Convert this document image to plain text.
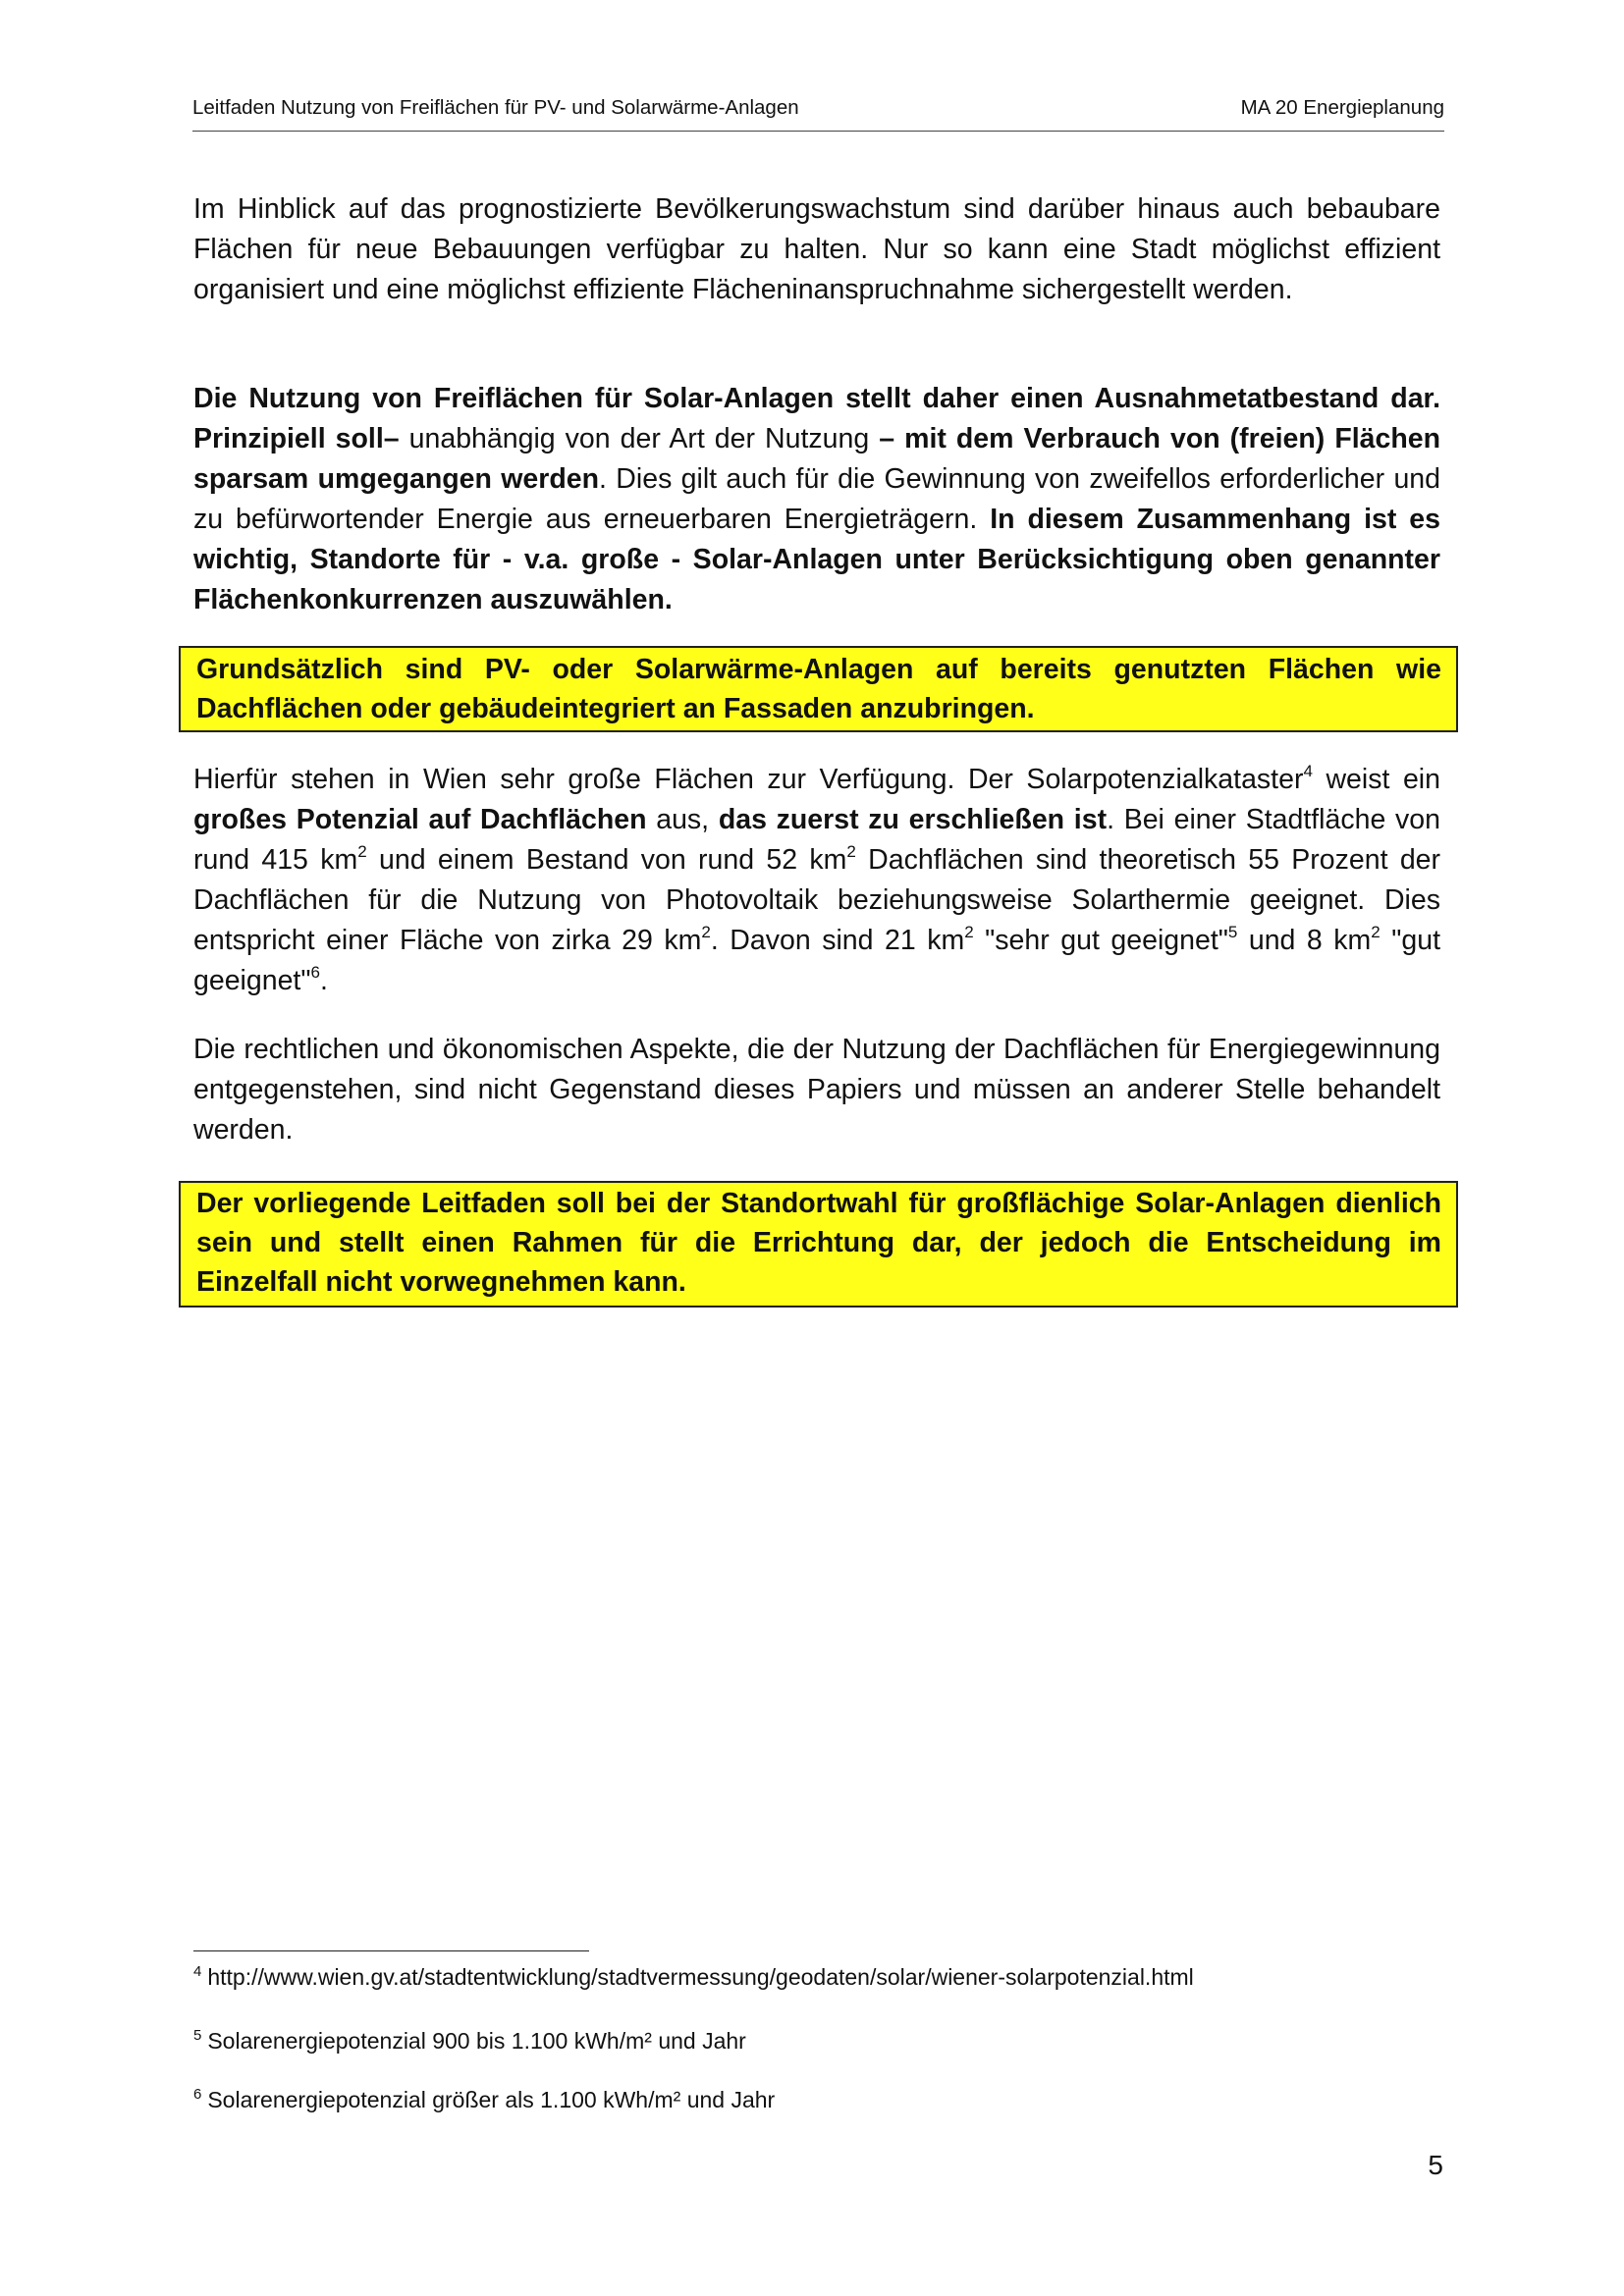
Leitfaden Nutzung von Freiflächen für PV- und Solarwärme-Anlagen	MA 20 Energieplanung

Im Hinblick auf das prognostizierte Bevölkerungswachstum sind darüber hinaus auch bebaubare Flächen für neue Bebauungen verfügbar zu halten. Nur so kann eine Stadt möglichst effizient organisiert und eine möglichst effiziente Flächeninanspruchnahme sichergestellt werden.

Die Nutzung von Freiflächen für Solar-Anlagen stellt daher einen Ausnahmetatbestand dar. Prinzipiell soll– unabhängig von der Art der Nutzung – mit dem Verbrauch von (freien) Flächen sparsam umgegangen werden. Dies gilt auch für die Gewinnung von zweifellos erforderlicher und zu befürwortender Energie aus erneuerbaren Energieträgern. In diesem Zusammenhang ist es wichtig, Standorte für - v.a. große - Solar-Anlagen unter Berücksichtigung oben genannter Flächenkonkurrenzen auszuwählen.

Grundsätzlich sind PV- oder Solarwärme-Anlagen auf bereits genutzten Flächen wie Dachflächen oder gebäudeintegriert an Fassaden anzubringen.

Hierfür stehen in Wien sehr große Flächen zur Verfügung. Der Solarpotenzialkataster$^4$ weist ein großes Potenzial auf Dachflächen aus, das zuerst zu erschließen ist. Bei einer Stadtfläche von rund 415 $km^2$ und einem Bestand von rund 52 $km^2$ Dachflächen sind theoretisch 55 Prozent der Dachflächen für die Nutzung von Photovoltaik beziehungsweise Solarthermie geeignet. Dies entspricht einer Fläche von zirka 29 $km^2$. Davon sind 21 $km^2$ "sehr gut geeignet"$^5$ und 8 $km^2$ "gut geeignet"$^6$.

Die rechtlichen und ökonomischen Aspekte, die der Nutzung der Dachflächen für Energiegewinnung entgegenstehen, sind nicht Gegenstand dieses Papiers und müssen an anderer Stelle behandelt werden.

Der vorliegende Leitfaden soll bei der Standortwahl für großflächige Solar-Anlagen dienlich sein und stellt einen Rahmen für die Errichtung dar, der jedoch die Entscheidung im Einzelfall nicht vorwegnehmen kann.
$^4$ http://www.wien.gv.at/stadtentwicklung/stadtvermessung/geodaten/solar/wiener-solarpotenzial.html
$^5$ Solarenergiepotenzial 900 bis 1.100 kWh/m² und Jahr
$^6$ Solarenergiepotenzial größer als 1.100 kWh/m² und Jahr
5
